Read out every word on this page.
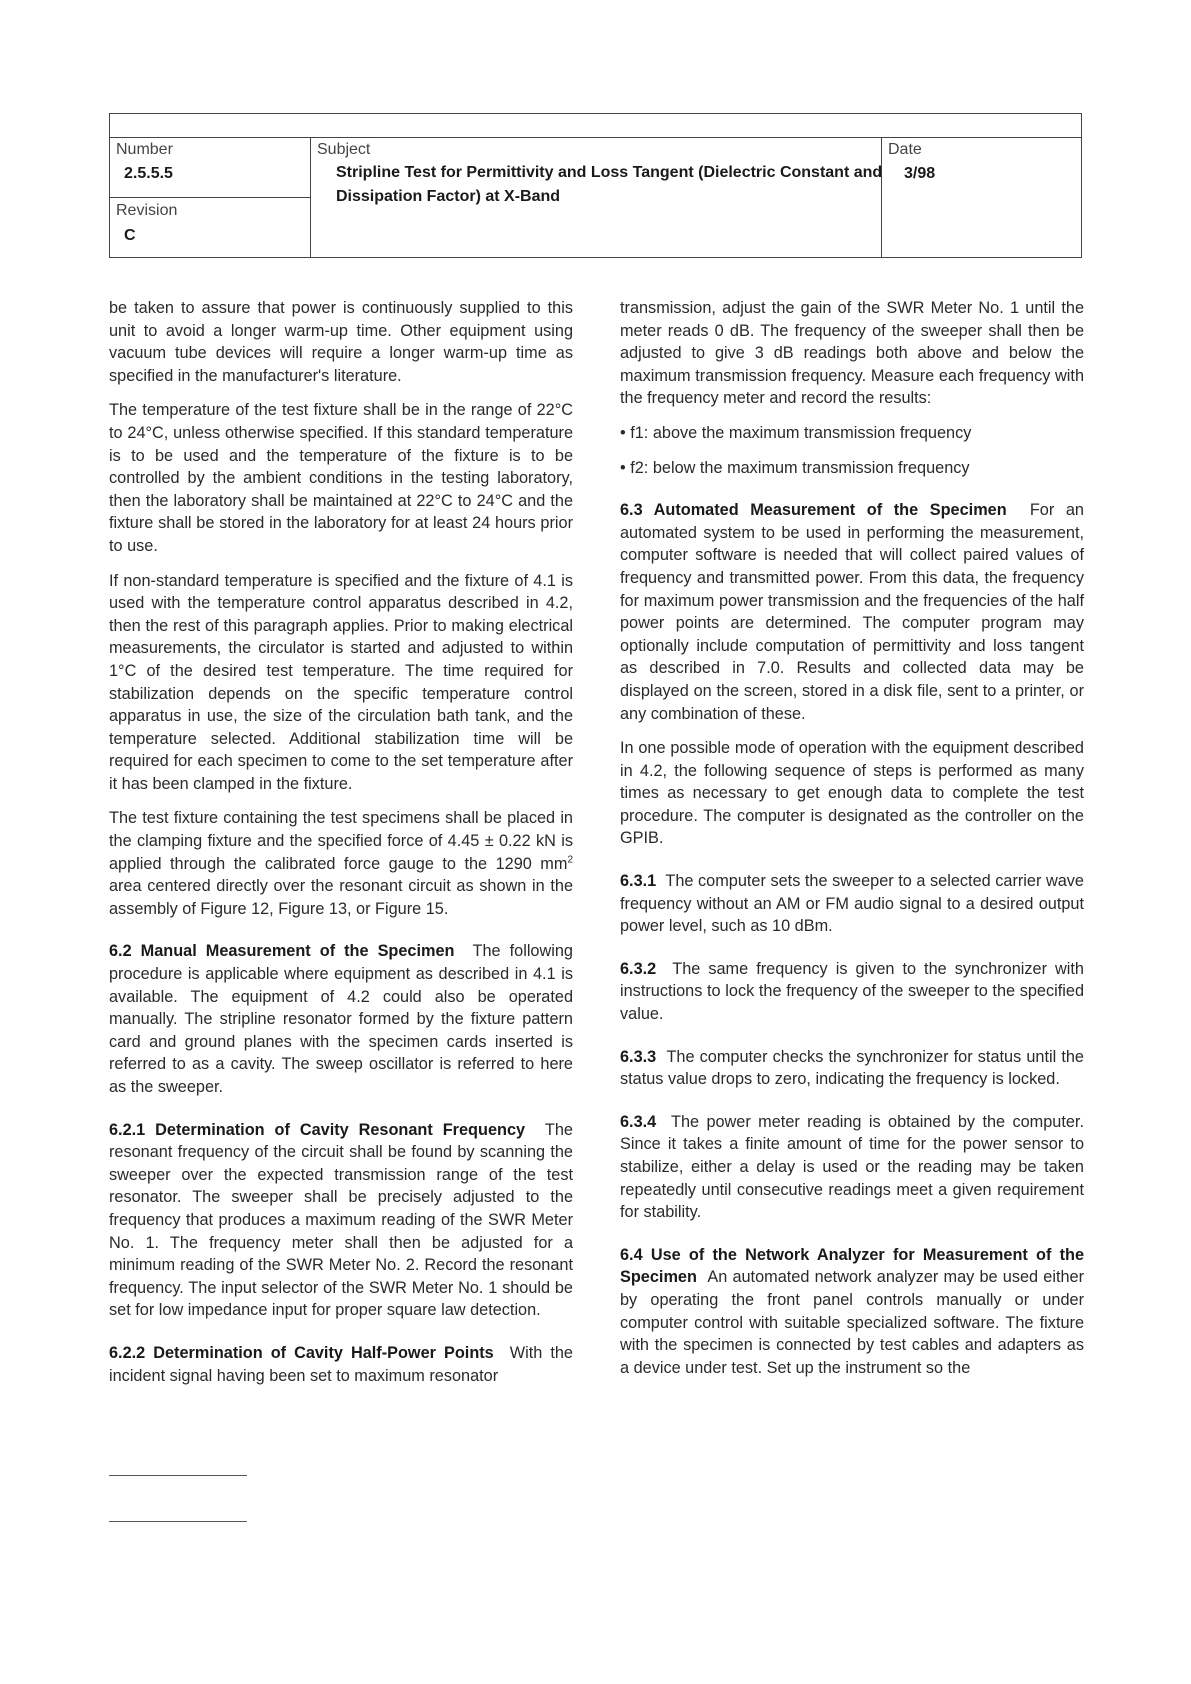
Number
2.5.5.5
Revision
C
Subject
Stripline Test for Permittivity and Loss Tangent (Dielectric Constant and Dissipation Factor) at X-Band
Date
3/98

be taken to assure that power is continuously supplied to this unit to avoid a longer warm-up time. Other equipment using vacuum tube devices will require a longer warm-up time as specified in the manufacturer's literature.

The temperature of the test fixture shall be in the range of 22°C to 24°C, unless otherwise specified. If this standard temperature is to be used and the temperature of the fixture is to be controlled by the ambient conditions in the testing laboratory, then the laboratory shall be maintained at 22°C to 24°C and the fixture shall be stored in the laboratory for at least 24 hours prior to use.

If non-standard temperature is specified and the fixture of 4.1 is used with the temperature control apparatus described in 4.2, then the rest of this paragraph applies. Prior to making electrical measurements, the circulator is started and adjusted to within 1°C of the desired test temperature. The time required for stabilization depends on the specific temperature control apparatus in use, the size of the circulation bath tank, and the temperature selected. Additional stabilization time will be required for each specimen to come to the set temperature after it has been clamped in the fixture.

The test fixture containing the test specimens shall be placed in the clamping fixture and the specified force of 4.45 ± 0.22 kN is applied through the calibrated force gauge to the 1290 $mm^2$ area centered directly over the resonant circuit as shown in the assembly of Figure 12, Figure 13, or Figure 15.

6.2 Manual Measurement of the Specimen The following procedure is applicable where equipment as described in 4.1 is available. The equipment of 4.2 could also be operated manually. The stripline resonator formed by the fixture pattern card and ground planes with the specimen cards inserted is referred to as a cavity. The sweep oscillator is referred to here as the sweeper.

6.2.1 Determination of Cavity Resonant Frequency The resonant frequency of the circuit shall be found by scanning the sweeper over the expected transmission range of the test resonator. The sweeper shall be precisely adjusted to the frequency that produces a maximum reading of the SWR Meter No. 1. The frequency meter shall then be adjusted for a minimum reading of the SWR Meter No. 2. Record the resonant frequency. The input selector of the SWR Meter No. 1 should be set for low impedance input for proper square law detection.

6.2.2 Determination of Cavity Half-Power Points With the incident signal having been set to maximum resonator

transmission, adjust the gain of the SWR Meter No. 1 until the meter reads 0 dB. The frequency of the sweeper shall then be adjusted to give 3 dB readings both above and below the maximum transmission frequency. Measure each frequency with the frequency meter and record the results:

• f1: above the maximum transmission frequency
• f2: below the maximum transmission frequency

6.3 Automated Measurement of the Specimen For an automated system to be used in performing the measurement, computer software is needed that will collect paired values of frequency and transmitted power. From this data, the frequency for maximum power transmission and the frequencies of the half power points are determined. The computer program may optionally include computation of permittivity and loss tangent as described in 7.0. Results and collected data may be displayed on the screen, stored in a disk file, sent to a printer, or any combination of these.

In one possible mode of operation with the equipment described in 4.2, the following sequence of steps is performed as many times as necessary to get enough data to complete the test procedure. The computer is designated as the controller on the GPIB.

6.3.1 The computer sets the sweeper to a selected carrier wave frequency without an AM or FM audio signal to a desired output power level, such as 10 dBm.

6.3.2 The same frequency is given to the synchronizer with instructions to lock the frequency of the sweeper to the specified value.

6.3.3 The computer checks the synchronizer for status until the status value drops to zero, indicating the frequency is locked.

6.3.4 The power meter reading is obtained by the computer. Since it takes a finite amount of time for the power sensor to stabilize, either a delay is used or the reading may be taken repeatedly until consecutive readings meet a given requirement for stability.

6.4 Use of the Network Analyzer for Measurement of the Specimen An automated network analyzer may be used either by operating the front panel controls manually or under computer control with suitable specialized software. The fixture with the specimen is connected by test cables and adapters as a device under test. Set up the instrument so the
